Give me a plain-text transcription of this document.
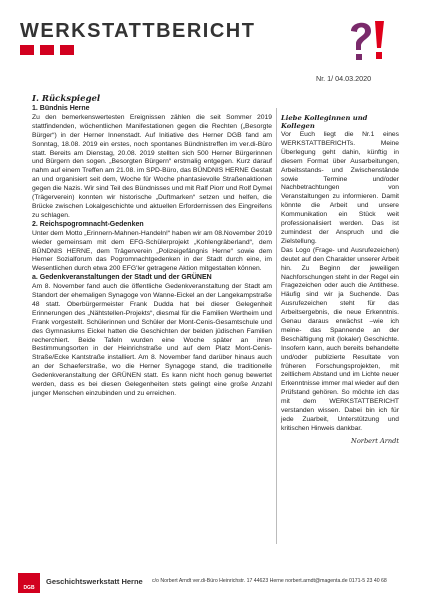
WERKSTATTBERICHT
Nr. 1/ 04.03.2020

I. Rückspiegel

1. Bündnis Herne

Zu den bemerkenswertesten Ereignissen zählen die seit Sommer 2019 stattfindenden, wöchentlichen Manifestationen gegen die Rechten („Besorgte Bürger“) in der Herner Innenstadt. Auf Initiative des Herner DGB fand am Sonntag, 18.08. 2019 ein erstes, noch spontanes Bündnistreffen im ver.di-Büro statt. Bereits am Dienstag, 20.08. 2019 stellten sich 500 Herner Bürgerinnen und Bürgern den sogen. „Besorgten Bürgern“ erstmalig entgegen. Kurz darauf nahm auf einem Treffen am 21.08. im SPD-Büro, das BÜNDNIS HERNE Gestalt an und organisiert seit dem, Woche für Woche phantasievolle Straßenaktionen gegen die Nazis. Wir sind Teil des Bündnisses und mit Ralf Piorr und Rolf Dymel (Trägerverein) konnten wir historische „Duftmarken“ setzen und helfen, die Brücke zwischen Lokalgeschichte und aktuellen Erfordernissen des Eingreifens zu schlagen.

2. Reichspogromnacht-Gedenken

Unter dem Motto „Erinnern-Mahnen-Handeln!“ haben wir am 08.November 2019 wieder gemeinsam mit dem EFG-Schülerprojekt „Kohlengräberland“, dem BÜNDNIS HERNE, dem Trägerverein „Polizeigefängnis Herne“ sowie dem Herner Sozialforum das Pogromnachtgedenken in der Stadt durch eine, im Wesentlichen durch etwa 200 EFG'ler getragene Aktion mitgestalten können.

a. Gedenkveranstaltungen der Stadt und der GRÜNEN

Am 8. November fand auch die öffentliche Gedenkveranstaltung der Stadt am Standort der ehemaligen Synagoge von Wanne-Eickel an der Langekampstraße 48 statt. Oberbürgermeister Frank Dudda hat bei dieser Gelegenheit Erinnerungen des „Nähtstellen-Projekts“, diesmal für die Familien Wertheim und Frank vorgestellt. Schülerinnen und Schüler der Mont-Cenis-Gesamtschule und des Gymnasiums Eickel hatten die Geschichten der beiden jüdischen Familien recherchiert. Beide Tafeln wurden eine Woche später an ihren Bestimmungsorten in der Heinrichstraße und auf dem Platz Mont-Cenis-Straße/Ecke Kantstraße installiert. Am 8. November fand darüber hinaus auch an der Schaeferstraße, wo die Herner Synagoge stand, die traditionelle Gedenkveranstaltung der GRÜNEN statt. Es kann nicht hoch genug bewertet werden, dass es bei diesen Gelegenheiten stets gelingt eine große Anzahl junger Menschen einzubinden und zu erreichen.

Liebe Kolleginnen und Kollegen

Vor Euch liegt die Nr.1 eines WERKSTATTBERICHTs. Meine Überlegung geht dahin, künftig in diesem Format über Ausarbeitungen, Arbeitsstands- und Zwischenstände sowie Termine und/oder Nachbetrachtungen von Veranstaltungen zu informieren. Damit könnte die Arbeit und unsere Kommunikation ein Stück weit professionalisiert werden. Das ist zumindest der Anspruch und die Zielstellung.

Das Logo (Frage- und Ausrufezeichen) deutet auf den Charakter unserer Arbeit hin. Zu Beginn der jeweiligen Nachforschungen steht in der Regel ein Fragezeichen oder auch die Antithese. Häufig sind wir ja Suchende. Das Ausrufezeichen steht für das Arbeitsergebnis, die neue Erkenntnis. Genau daraus erwächst –wie ich meine- das Spannende an der Beschäftigung mit (lokaler) Geschichte. Insofern kann, auch bereits behandelte und/oder publizierte Resultate von früheren Forschungsprojekten, mit zeitlichem Abstand und im Lichte neuer Erkenntnisse immer mal wieder auf den Prüfstand gehören. So möchte ich das mit dem WERKSTATTBERICHT verstanden wissen. Dabei bin ich für jede Zuarbeit, Unterstützung und kritischen Hinweis dankbar.

Norbert Arndt
DGB
Geschichtswerkstatt Herne c/o Norbert Arndt ver.di-Büro Heinrichstr. 17 44623 Herne norbert.arndt@magenta.de 0171-5 23 40 68
